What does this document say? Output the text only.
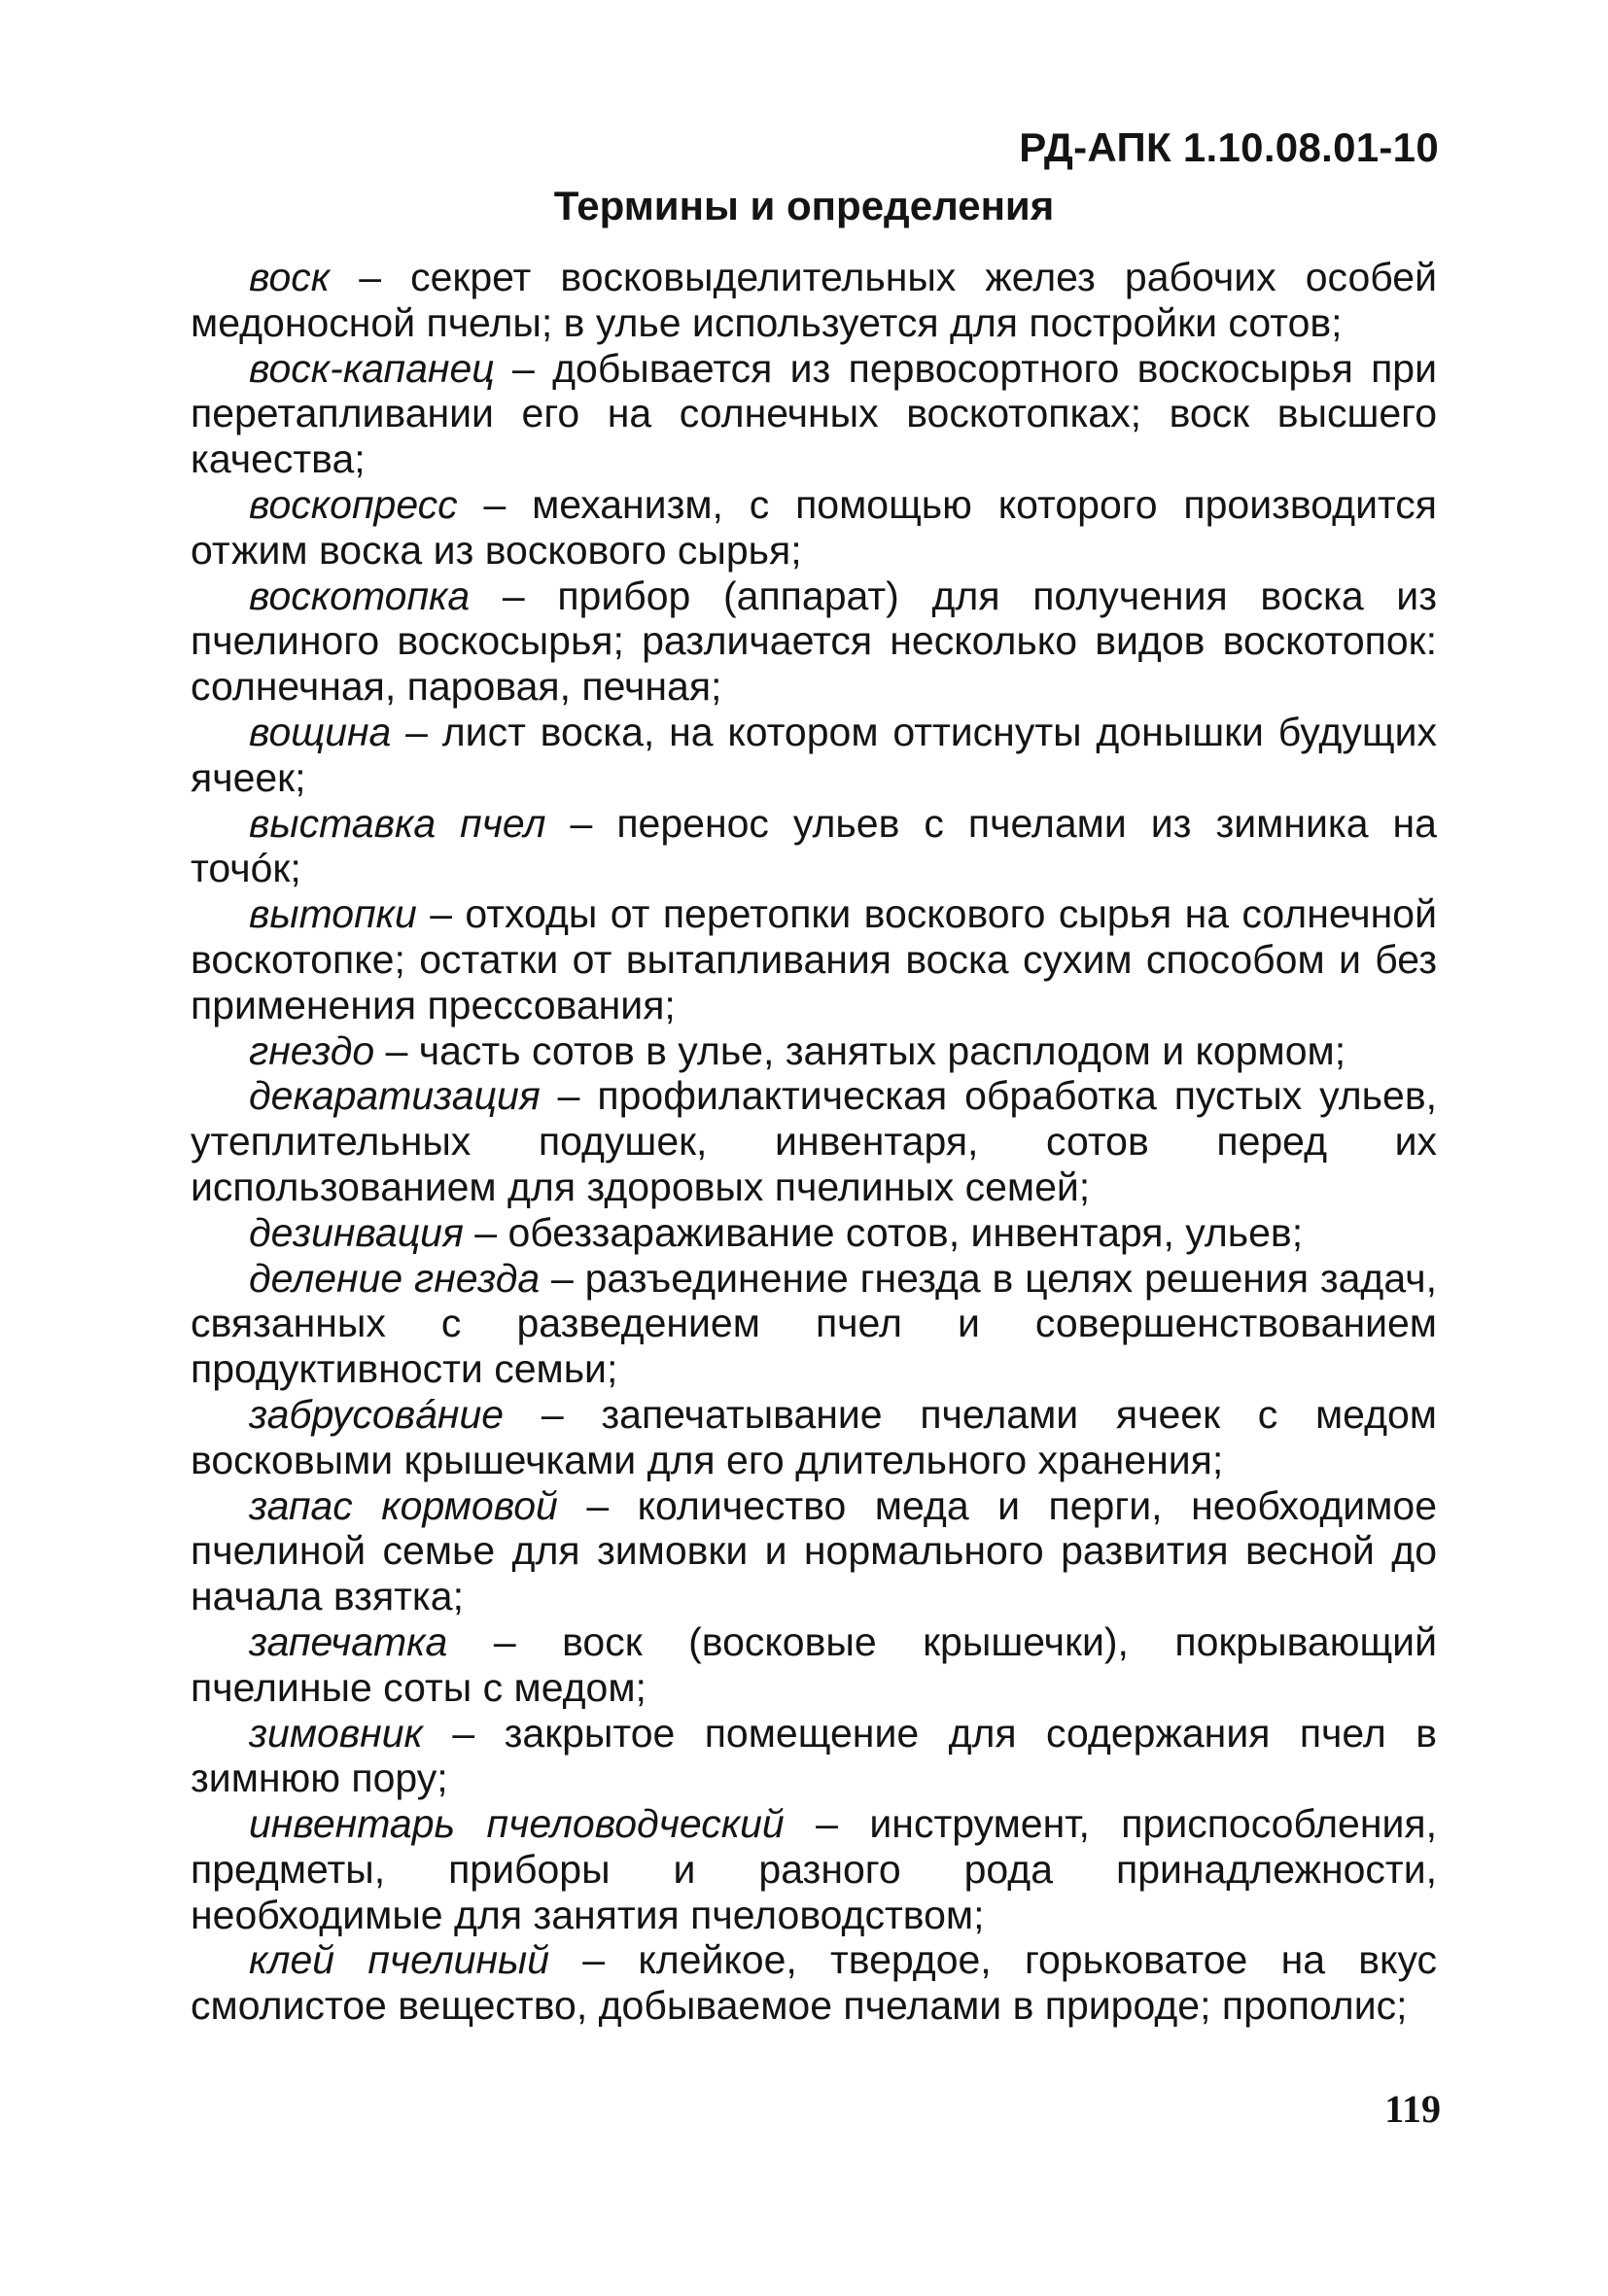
РД-АПК 1.10.08.01-10
Термины и определения

воск – секрет восковыделительных желез рабочих особей медоносной пчелы; в улье используется для постройки сотов;

воск-капанец – добывается из первосортного воскосырья при перетапливании его на солнечных воскотопках; воск высшего качества;

воскопресс – механизм, с помощью которого производится отжим воска из воскового сырья;

воскотопка – прибор (аппарат) для получения воска из пчелиного воскосырья; различается несколько видов воскотопок: солнечная, паровая, печная;

вощина – лист воска, на котором оттиснуты донышки будущих ячеек;

выставка пчел – перенос ульев с пчелами из зимника на точóк;

вытопки – отходы от перетопки воскового сырья на солнечной воскотопке; остатки от вытапливания воска сухим способом и без применения прессования;

гнездо – часть сотов в улье, занятых расплодом и кормом;

декаратизация – профилактическая обработка пустых ульев, утеплительных подушек, инвентаря, сотов перед их использованием для здоровых пчелиных семей;

дезинвация – обеззараживание сотов, инвентаря, ульев;

деление гнезда – разъединение гнезда в целях решения задач, связанных с разведением пчел и совершенствованием продуктивности семьи;

забрусовáние – запечатывание пчелами ячеек с медом восковыми крышечками для его длительного хранения;

запас кормовой – количество меда и перги, необходимое пчелиной семье для зимовки и нормального развития весной до начала взятка;

запечатка – воск (восковые крышечки), покрывающий пчелиные соты с медом;

зимовник – закрытое помещение для содержания пчел в зимнюю пору;

инвентарь пчеловодческий – инструмент, приспособления, предметы, приборы и разного рода принадлежности, необходимые для занятия пчеловодством;

клей пчелиный – клейкое, твердое, горьковатое на вкус смолистое вещество, добываемое пчелами в природе; прополис;

119
